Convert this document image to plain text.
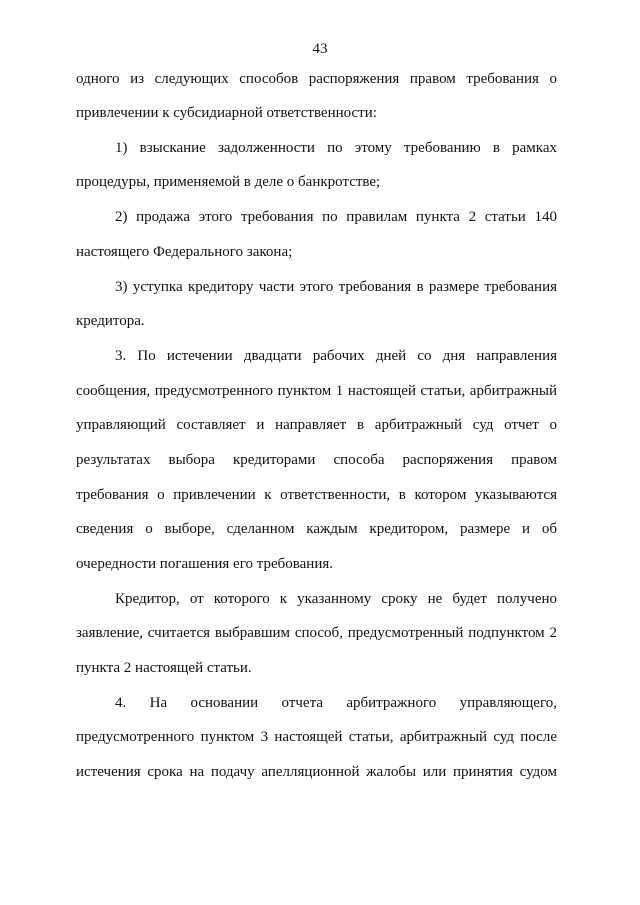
43
одного из следующих способов распоряжения правом требования о
привлечении к субсидиарной ответственности:
1) взыскание задолженности по этому требованию в рамках
процедуры, применяемой в деле о банкротстве;
2) продажа этого требования по правилам пункта 2 статьи 140
настоящего Федерального закона;
3) уступка кредитору части этого требования в размере требования
кредитора.
3. По истечении двадцати рабочих дней со дня направления
сообщения, предусмотренного пунктом 1 настоящей статьи, арбитражный
управляющий составляет и направляет в арбитражный суд отчет о
результатах выбора кредиторами способа распоряжения правом
требования о привлечении к ответственности, в котором указываются
сведения о выборе, сделанном каждым кредитором, размере и об
очередности погашения его требования.
Кредитор, от которого к указанному сроку не будет получено
заявление, считается выбравшим способ, предусмотренный подпунктом 2
пункта 2 настоящей статьи.
4. На основании отчета арбитражного управляющего,
предусмотренного пунктом 3 настоящей статьи, арбитражный суд после
истечения срока на подачу апелляционной жалобы или принятия судом
